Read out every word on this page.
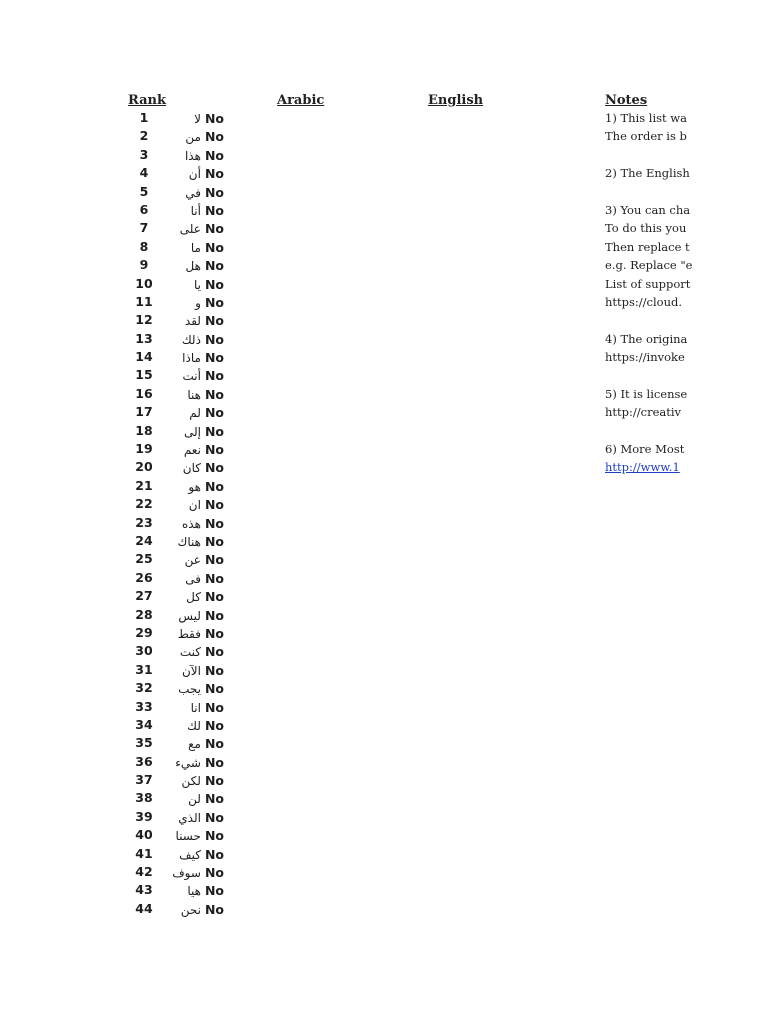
Rank	Arabic	English	Notes
1	لا No
2	من No
3	هذا No
4	أن No
5	في No
6	أنا No
7	على No
8	ما No
9	هل No
10	يا No
11	و No
12	لقد No
13	ذلك No
14	ماذا No
15	أنت No
16	هنا No
17	لم No
18	إلى No
19	نعم No
20	كان No
21	هو No
22	ان No
23	هذه No
24	هناك No
25	عن No
26	فى No
27	كل No
28	ليس No
29	فقط No
30	كنت No
31	الآن No
32	يجب No
33	انا No
34	لك No
35	مع No
36	شيء No
37	لكن No
38	لن No
39	الذي No
40	حسنا No
41	كيف No
42	سوف No
43	هيا No
44	نحن No
1) This list wa
The order is b
2) The English
3) You can cha
To do this you
Then replace t
e.g. Replace "e
List of support
https://cloud.
4) The origina
https://invoke
5) It is license
http://creativ
6) More Most
http://www.1
